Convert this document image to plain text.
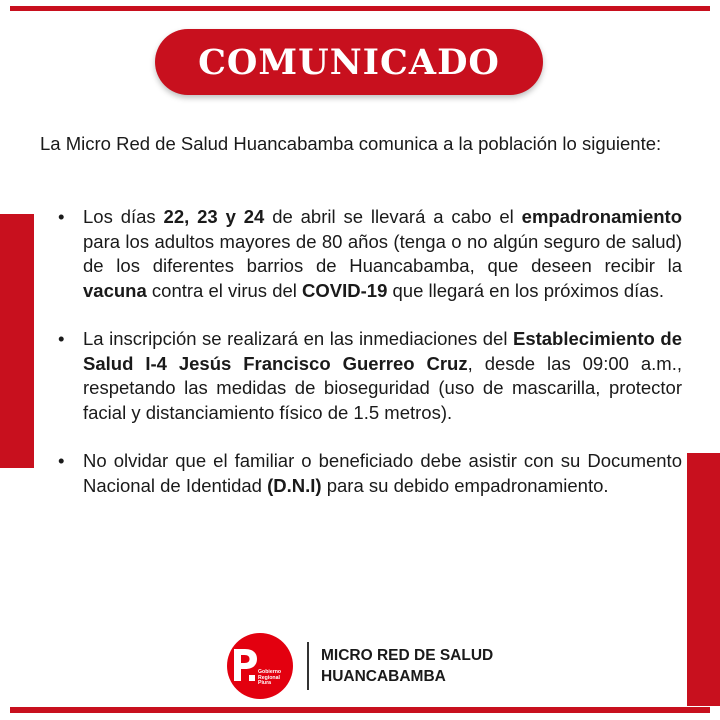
COMUNICADO

La Micro Red de Salud Huancabamba comunica a la población lo siguiente:

• Los días 22, 23 y 24 de abril se llevará a cabo el empadronamiento para los adultos mayores de 80 años (tenga o no algún seguro de salud) de los diferentes barrios de Huancabamba, que deseen recibir la vacuna contra el virus del COVID-19 que llegará en los próximos días.
• La inscripción se realizará en las inmediaciones del Establecimiento de Salud I-4 Jesús Francisco Guerreo Cruz, desde las 09:00 a.m., respetando las medidas de bioseguridad (uso de mascarilla, protector facial y distanciamiento físico de 1.5 metros).
• No olvidar que el familiar o beneficiado debe asistir con su Documento Nacional de Identidad (D.N.I) para su debido empadronamiento.
Gobierno
Regional
Piura
MICRO RED DE SALUD
HUANCABAMBA
